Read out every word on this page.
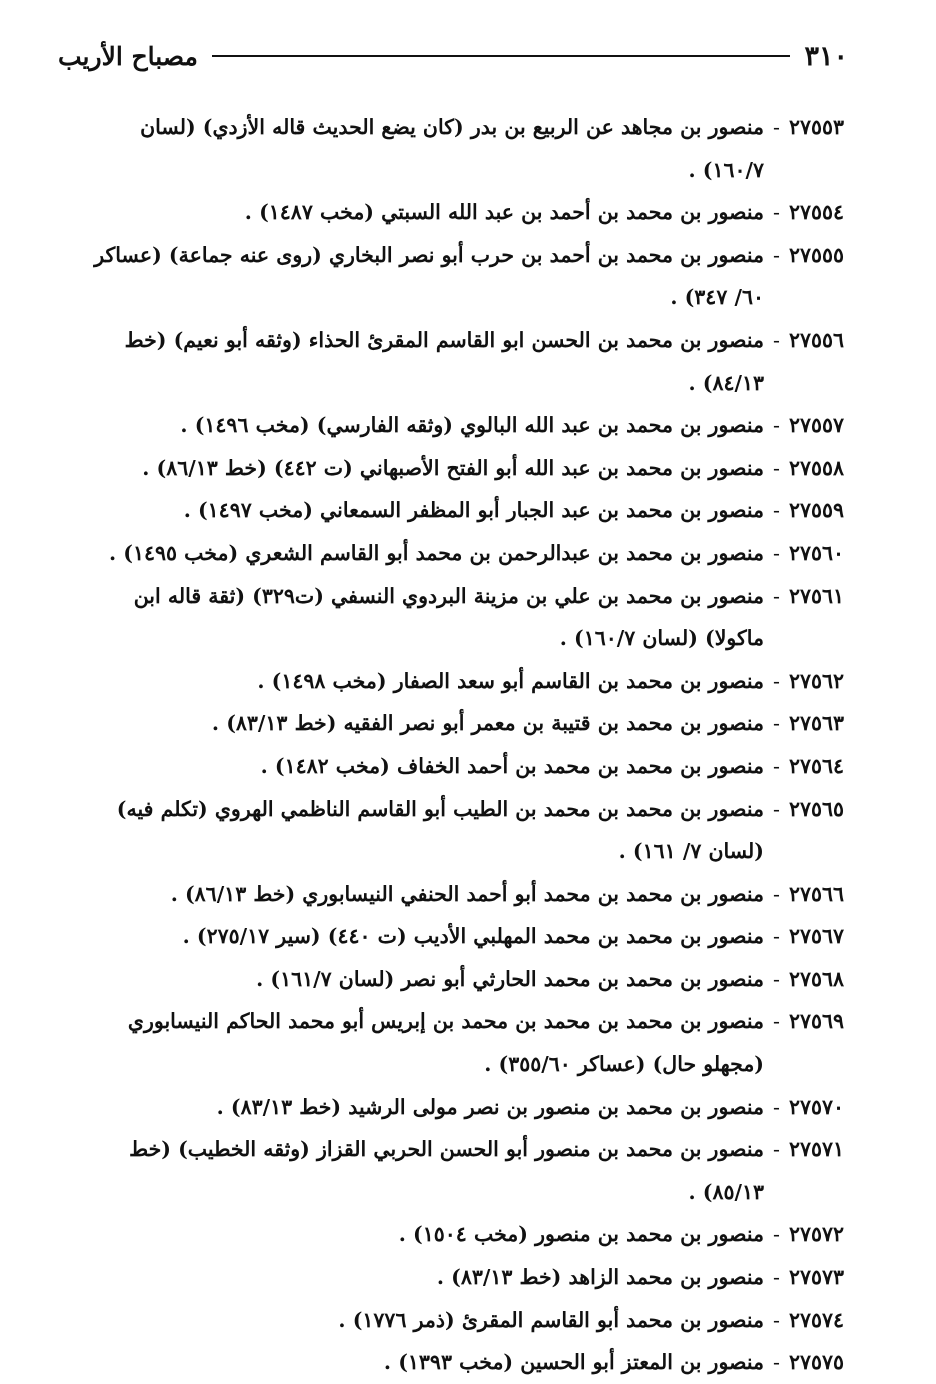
٣١٠
مصباح الأريب
٢٧٥٥٣
-
منصور بن مجاهد عن الربيع بن بدر (كان يضع الحديث قاله الأزدي) (لسان ١٦٠/٧) .
٢٧٥٥٤
-
منصور بن محمد بن أحمد بن عبد الله السبتي (مخب ١٤٨٧) .
٢٧٥٥٥
-
منصور بن محمد بن أحمد بن حرب أبو نصر البخاري (روى عنه جماعة) (عساكر ٦٠/ ٣٤٧) .
٢٧٥٥٦
-
منصور بن محمد بن الحسن ابو القاسم المقرئ الحذاء (وثقه أبو نعيم) (خط ٨٤/١٣) .
٢٧٥٥٧
-
منصور بن محمد بن عبد الله البالوي (وثقه الفارسي) (مخب ١٤٩٦) .
٢٧٥٥٨
-
منصور بن محمد بن عبد الله أبو الفتح الأصبهاني (ت ٤٤٢) (خط ٨٦/١٣) .
٢٧٥٥٩
-
منصور بن محمد بن عبد الجبار أبو المظفر السمعاني (مخب ١٤٩٧) .
٢٧٥٦٠
-
منصور بن محمد بن عبدالرحمن بن محمد أبو القاسم الشعري (مخب ١٤٩٥) .
٢٧٥٦١
-
منصور بن محمد بن علي بن مزينة البردوي النسفي (ت٣٢٩) (ثقة قاله ابن ماكولا) (لسان ١٦٠/٧) .
٢٧٥٦٢
-
منصور بن محمد بن القاسم أبو سعد الصفار (مخب ١٤٩٨) .
٢٧٥٦٣
-
منصور بن محمد بن قتيبة بن معمر أبو نصر الفقيه (خط ٨٣/١٣) .
٢٧٥٦٤
-
منصور بن محمد بن محمد بن أحمد الخفاف (مخب ١٤٨٢) .
٢٧٥٦٥
-
منصور بن محمد بن محمد بن الطيب أبو القاسم الناظمي الهروي (تكلم فيه) (لسان ٧/ ١٦١) .
٢٧٥٦٦
-
منصور بن محمد بن محمد أبو أحمد الحنفي النيسابوري (خط ٨٦/١٣) .
٢٧٥٦٧
-
منصور بن محمد بن محمد المهلبي الأديب (ت ٤٤٠) (سير ٢٧٥/١٧) .
٢٧٥٦٨
-
منصور بن محمد بن محمد الحارثي أبو نصر (لسان ١٦١/٧) .
٢٧٥٦٩
-
منصور بن محمد بن محمد بن محمد بن إبريس أبو محمد الحاكم النيسابوري (مجهلو حال) (عساكر ٣٥٥/٦٠) .
٢٧٥٧٠
-
منصور بن محمد بن منصور بن نصر مولى الرشيد (خط ٨٣/١٣) .
٢٧٥٧١
-
منصور بن محمد بن منصور أبو الحسن الحربي القزاز (وثقه الخطيب) (خط ٨٥/١٣) .
٢٧٥٧٢
-
منصور بن محمد بن منصور (مخب ١٥٠٤) .
٢٧٥٧٣
-
منصور بن محمد الزاهد (خط ٨٣/١٣) .
٢٧٥٧٤
-
منصور بن محمد أبو القاسم المقرئ (ذمر ١٧٧٦) .
٢٧٥٧٥
-
منصور بن المعتز أبو الحسين (مخب ١٣٩٣) .
